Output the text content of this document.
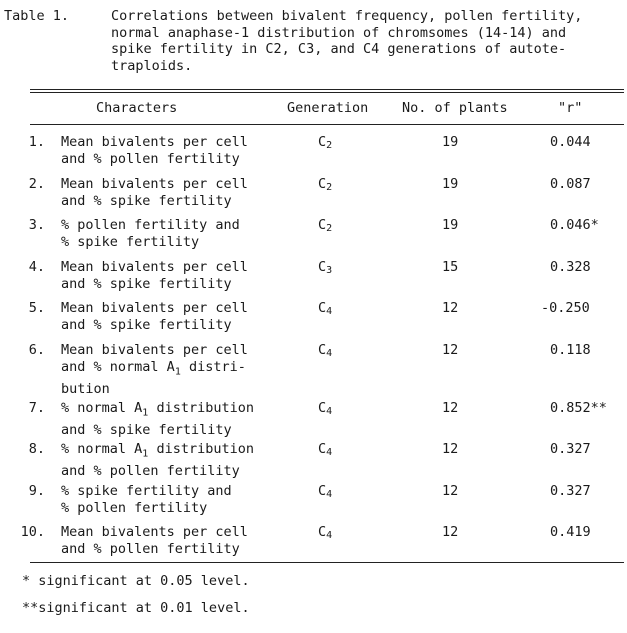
Table 1.	Correlations between bivalent frequency, pollen fertility,
normal anaphase-1 distribution of chromsomes (14-14) and
spike fertility in C2, C3, and C4 generations of autote-
traploids.
Characters	Generation No. of plants	"r"
1. Mean bivalents per cell
and % pollen fertility
$C_2$	19	0.044
2. Mean bivalents per cell
and % spike fertility
$C_2$	19	0.087
3. % pollen fertility and
% spike fertility
$C_2$	19	0.046*
4. Mean bivalents per cell
and % spike fertility
$C_3$	15	0.328
5. Mean bivalents per cell
and % spike fertility
$C_4$	12	-0.250
6. Mean bivalents per cell
and % normal $A_1$ distri-
bution
$C_4$	12	0.118
7. % normal $A_1$ distribution
and % spike fertility
$C_4$	12	0.852**
8. % normal $A_1$ distribution
and % pollen fertility
$C_4$	12	0.327
9. % spike fertility and
% pollen fertility
$C_4$	12	0.327
10. Mean bivalents per cell
and % pollen fertility
$C_4$	12	0.419
* significant at 0.05 level.
**significant at 0.01 level.
